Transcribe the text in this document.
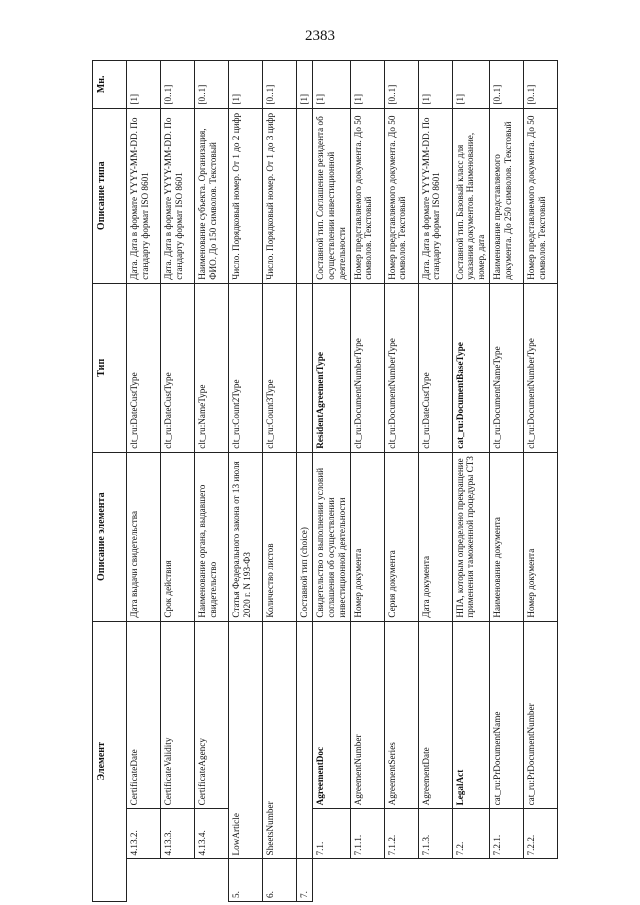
2383
Элемент			Описание элемента	Тип	Описание типа	Мн.
	4.13.2.	CertificateDate	Дата выдачи свидетельства	clt_ru:DateCustType	Дата. Дата в формате YYYY-MM-DD. По стандарту формат ISO 8601	[1]
	4.13.3.	CertificateValidity	Срок действия	clt_ru:DateCustType	Дата. Дата в формате YYYY-MM-DD. По стандарту формат ISO 8601	[0..1]
	4.13.4.	CertificateAgency	Наименование органа, выдавшего свидетельство	clt_ru:NameType	Наименование субъекта. Организация, ФИО. До 150 символов. Текстовый	[0..1]
5.	LowArticle		Статья Федерального закона от 13 июля 2020 г. N 193-ФЗ	clt_ru:Count2Type	Число. Порядковый номер. От 1 до 2 цифр	[1]
6.	SheetsNumber		Количество листов	clt_ru:Count3Type	Число. Порядковый номер. От 1 до 3 цифр	[0..1]
7.			Составной тип (choice)			[1]
	7.1.	AgreementDoc	Свидетельство о выполнении условий соглашения об осуществлении инвестиционной деятельности	ResidentAgreementType	Составной тип. Соглашение резидента об осуществлении инвестиционной деятельности	[1]
	7.1.1.	AgreementNumber	Номер документа	clt_ru:DocumentNumberType	Номер представляемого документа. До 50 символов. Текстовый	[1]
	7.1.2.	AgreementSeries	Серия документа	clt_ru:DocumentNumberType	Номер представляемого документа. До 50 символов. Текстовый	[0..1]
	7.1.3.	AgreementDate	Дата документа	clt_ru:DateCustType	Дата. Дата в формате YYYY-MM-DD. По стандарту формат ISO 8601	[1]
	7.2.	LegalAct	НПА, которым определено прекращение применения таможенной процедуры СТЗ	cat_ru:DocumentBaseType	Составной тип. Базовый класс для указания документов. Наименование, номер, дата	[1]
	7.2.1.	cat_ru:PrDocumentName	Наименование документа	clt_ru:DocumentNameType	Наименование представляемого документа. До 250 символов. Текстовый	[0..1]
	7.2.2.	cat_ru:PrDocumentNumber	Номер документа	clt_ru:DocumentNumberType	Номер представляемого документа. До 50 символов. Текстовый	[0..1]
